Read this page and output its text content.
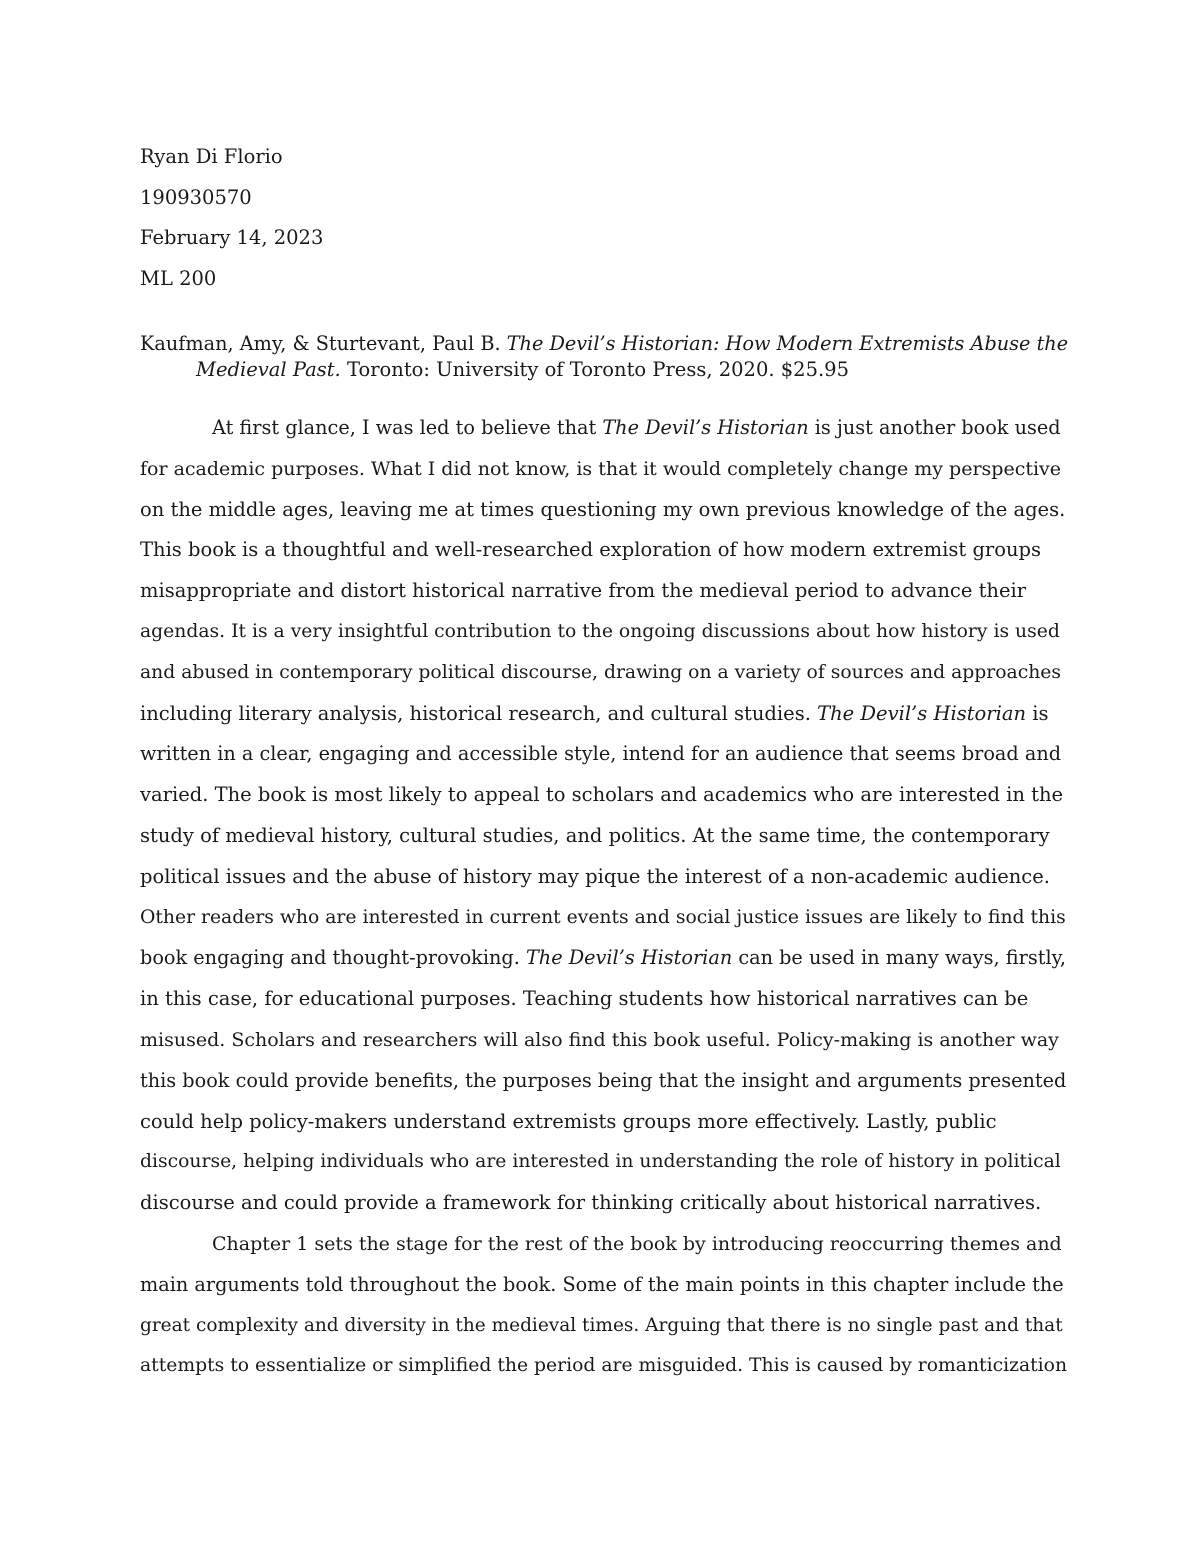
Ryan Di Florio
190930570
February 14, 2023
ML 200
Kaufman, Amy, & Sturtevant, Paul B. The Devil’s Historian: How Modern Extremists Abuse the
Medieval Past. Toronto: University of Toronto Press, 2020. $25.95
At first glance, I was led to believe that The Devil’s Historian is just another book used
for academic purposes. What I did not know, is that it would completely change my perspective
on the middle ages, leaving me at times questioning my own previous knowledge of the ages.
This book is a thoughtful and well-researched exploration of how modern extremist groups
misappropriate and distort historical narrative from the medieval period to advance their
agendas. It is a very insightful contribution to the ongoing discussions about how history is used
and abused in contemporary political discourse, drawing on a variety of sources and approaches
including literary analysis, historical research, and cultural studies. The Devil’s Historian is
written in a clear, engaging and accessible style, intend for an audience that seems broad and
varied. The book is most likely to appeal to scholars and academics who are interested in the
study of medieval history, cultural studies, and politics. At the same time, the contemporary
political issues and the abuse of history may pique the interest of a non-academic audience.
Other readers who are interested in current events and social justice issues are likely to find this
book engaging and thought-provoking. The Devil’s Historian can be used in many ways, firstly,
in this case, for educational purposes. Teaching students how historical narratives can be
misused. Scholars and researchers will also find this book useful. Policy-making is another way
this book could provide benefits, the purposes being that the insight and arguments presented
could help policy-makers understand extremists groups more effectively. Lastly, public
discourse, helping individuals who are interested in understanding the role of history in political
discourse and could provide a framework for thinking critically about historical narratives.
Chapter 1 sets the stage for the rest of the book by introducing reoccurring themes and
main arguments told throughout the book. Some of the main points in this chapter include the
great complexity and diversity in the medieval times. Arguing that there is no single past and that
attempts to essentialize or simplified the period are misguided. This is caused by romanticization
